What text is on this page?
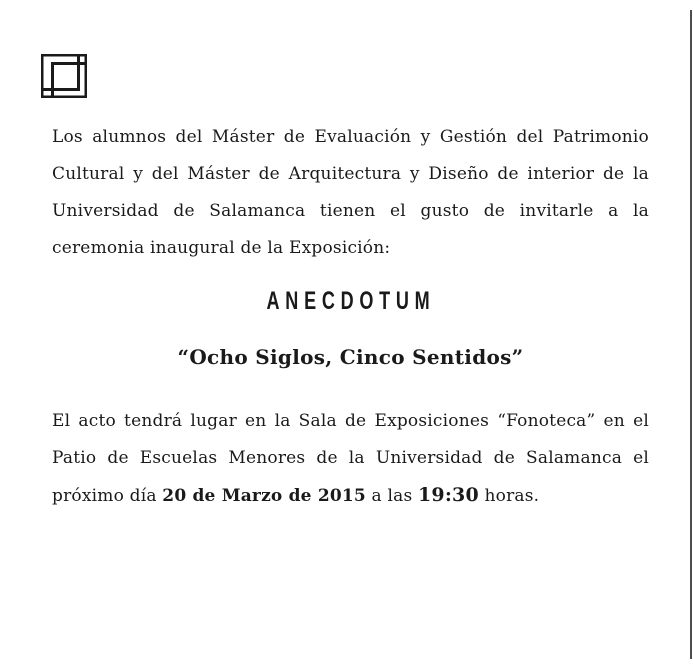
Los alumnos del Máster de Evaluación y Gestión del Patrimonio Cultural y del Máster de Arquitectura y Diseño de interior de la Universidad de Salamanca tienen el gusto de invitarle a la ceremonia inaugural de la Exposición:

ANECDOTUM
“Ocho Siglos, Cinco Sentidos”

El acto tendrá lugar en la Sala de Exposiciones “Fonoteca” en el Patio de Escuelas Menores de la Universidad de Salamanca el próximo día 20 de Marzo de 2015 a las 19:30 horas.
